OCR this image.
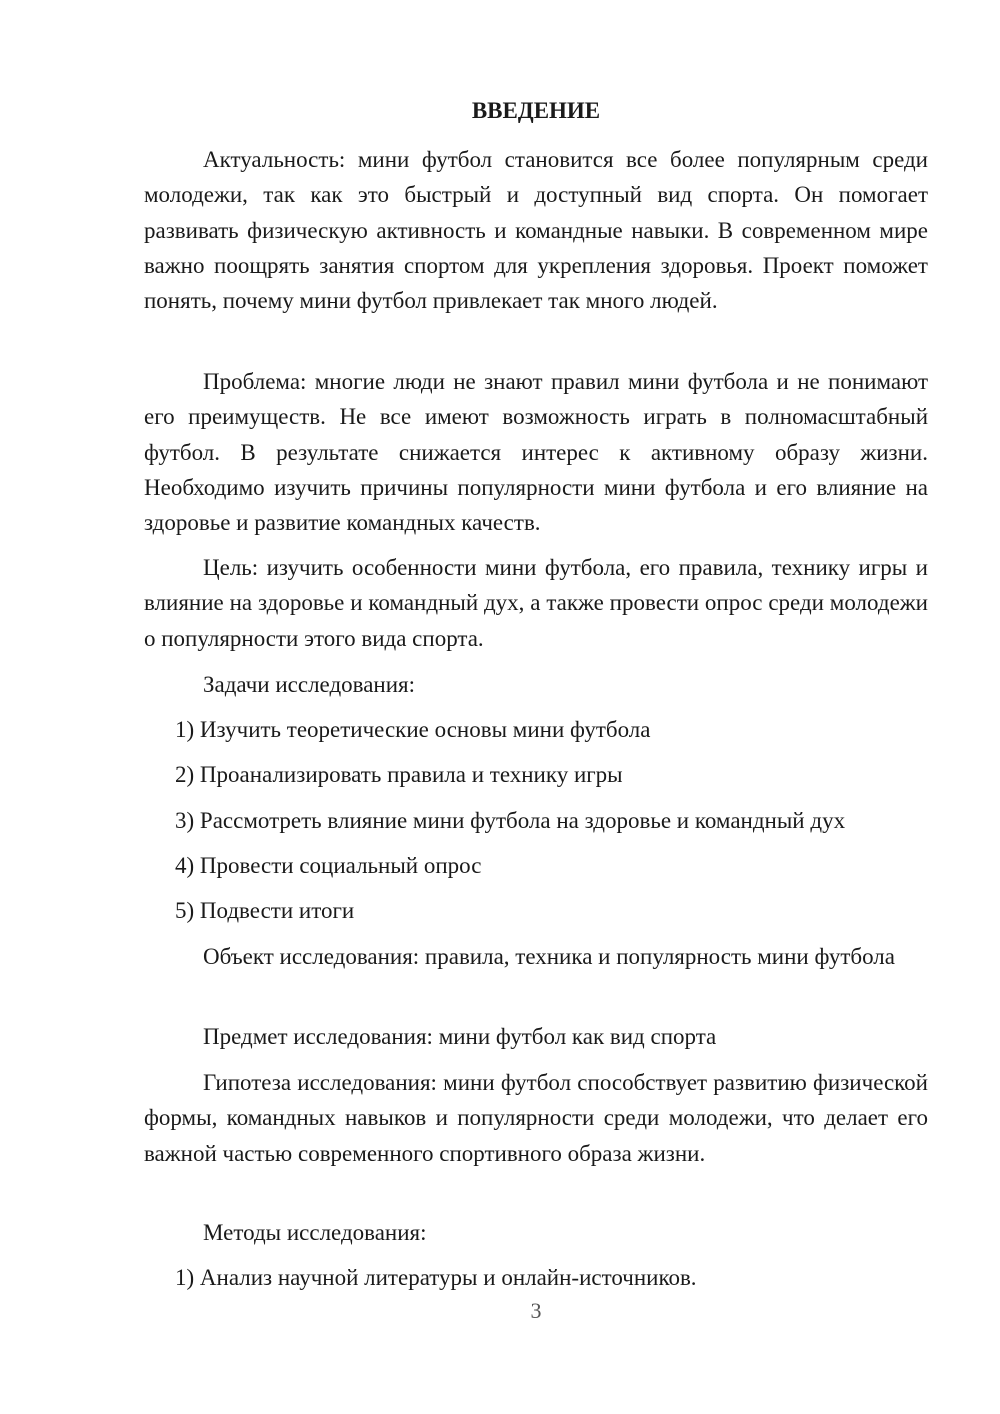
ВВЕДЕНИЕ

Актуальность: мини футбол становится все более популярным среди молодежи, так как это быстрый и доступный вид спорта. Он помогает развивать физическую активность и командные навыки. В современном мире важно поощрять занятия спортом для укрепления здоровья. Проект поможет понять, почему мини футбол привлекает так много людей.

Проблема: многие люди не знают правил мини футбола и не понимают его преимуществ. Не все имеют возможность играть в полномасштабный футбол. В результате снижается интерес к активному образу жизни. Необходимо изучить причины популярности мини футбола и его влияние на здоровье и развитие командных качеств.

Цель: изучить особенности мини футбола, его правила, технику игры и влияние на здоровье и командный дух, а также провести опрос среди молодежи о популярности этого вида спорта.

Задачи исследования:

1) Изучить теоретические основы мини футбола

2) Проанализировать правила и технику игры

3) Рассмотреть влияние мини футбола на здоровье и командный дух

4) Провести социальный опрос

5) Подвести итоги

Объект исследования: правила, техника и популярность мини футбола

Предмет исследования: мини футбол как вид спорта

Гипотеза исследования: мини футбол способствует развитию физической формы, командных навыков и популярности среди молодежи, что делает его важной частью современного спортивного образа жизни.

Методы исследования:

1) Анализ научной литературы и онлайн-источников.

3
